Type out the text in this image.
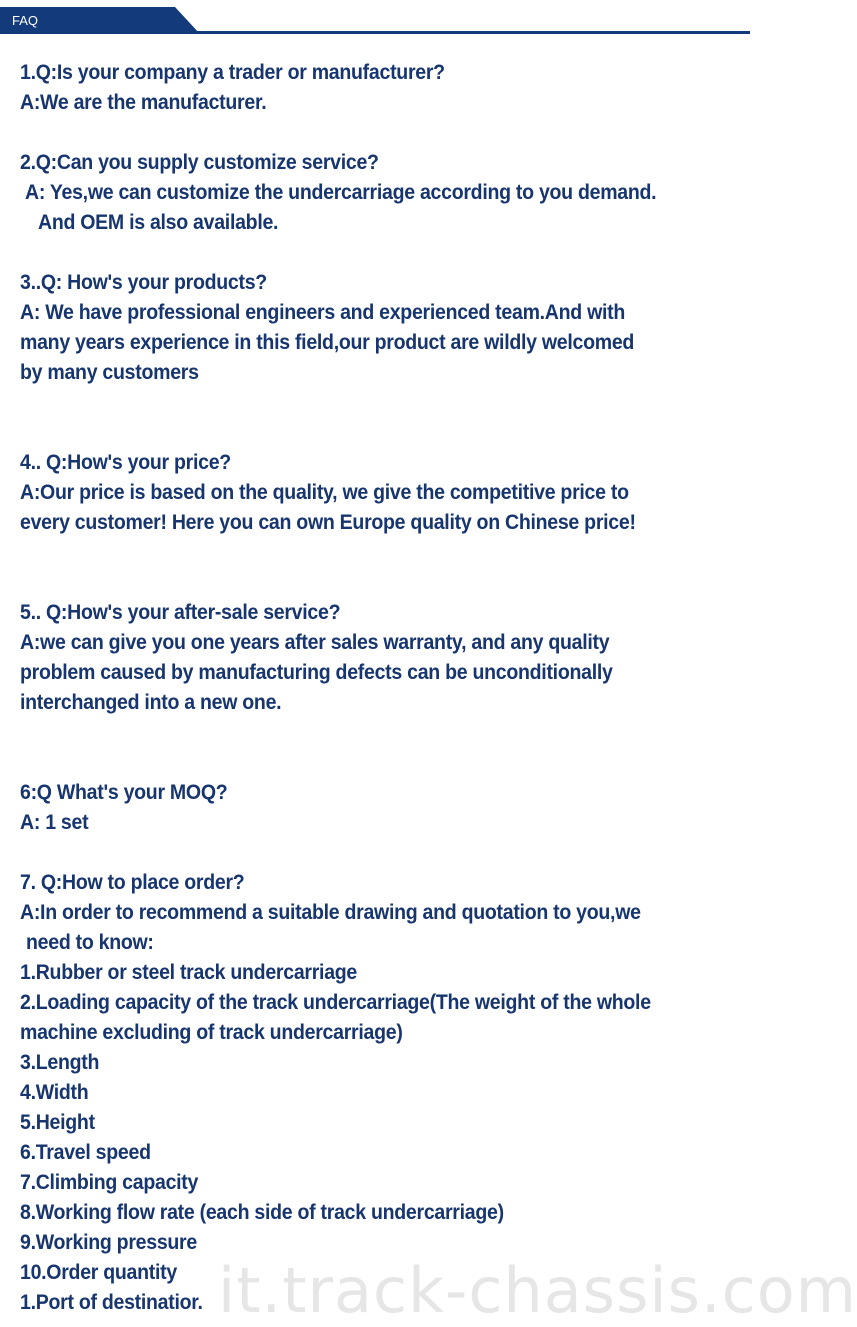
FAQ

1.Q:Is your company a trader or manufacturer?

A:We are the manufacturer.

2.Q:Can you supply customize service?

A: Yes,we can customize the undercarriage according to you demand.

And OEM is also available.

3..Q: How's your products?

A: We have professional engineers and experienced team.And with

many years experience in this field,our product are wildly welcomed

by many customers

4.. Q:How's your price?

A:Our price is based on the quality, we give the competitive price to

every customer! Here you can own Europe quality on Chinese price!

5.. Q:How's your after-sale service?

A:we can give you one years after sales warranty, and any quality

problem caused by manufacturing defects can be unconditionally

interchanged into a new one.

6:Q What's your MOQ?

A: 1 set

7. Q:How to place order?

A:In order to recommend a suitable drawing and quotation to you,we

need to know:

1.Rubber or steel track undercarriage

2.Loading capacity of the track undercarriage(The weight of the whole

machine excluding of track undercarriage)

3.Length

4.Width

5.Height

6.Travel speed

7.Climbing capacity

8.Working flow rate (each side of track undercarriage)

9.Working pressure

10.Order quantity

1.Port of destinatior. it.track-chassis.com
